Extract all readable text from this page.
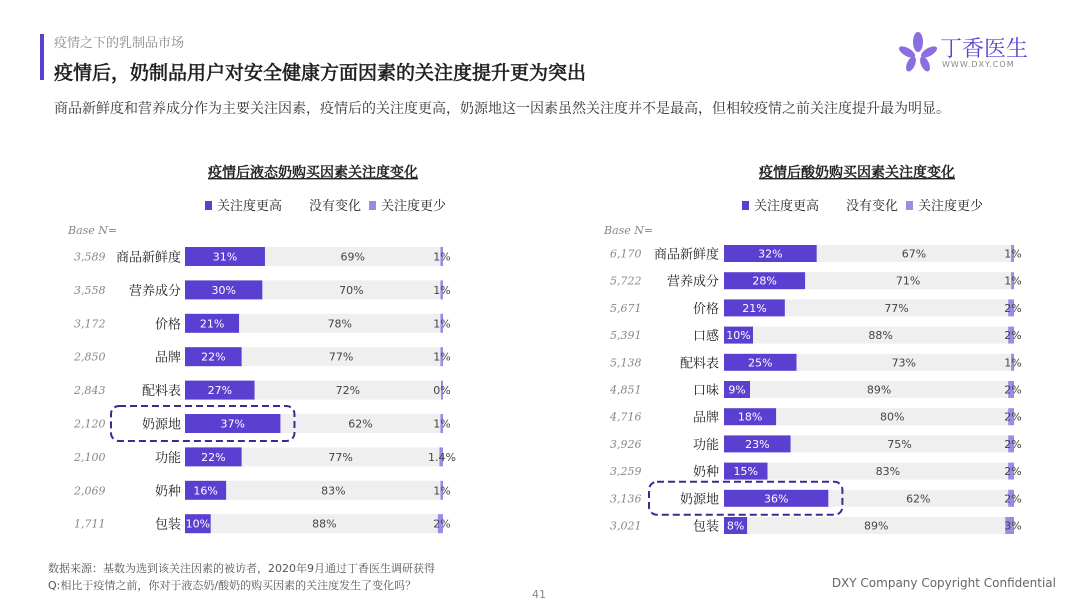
疫情之下的乳制品市场
疫情后，奶制品用户对安全健康方面因素的关注度提升更为突出
丁香医生
WWW.DXY.COM
商品新鲜度和营养成分作为主要关注因素，疫情后的关注度更高，奶源地这一因素虽然关注度并不是最高，但相较疫情之前关注度提升最为明显。
疫情后液态奶购买因素关注度变化
关注度更高 没有变化 关注度更少
Base N=
3,589 商品新鲜度	31%	69%	1%
3,558 营养成分	30%	70%	1%
3,172	价格 21%	78%	1%
2,850	品牌 22%	77%	1%
2,843	配料表 27%	72%	0%
2,120	奶源地	37%	62%	1%
2,100	功能 22%	77%	1.4%
2,069	奶种 16%	83%	1%
1,711	包装 10%	88%	2%
疫情后酸奶购买因素关注度变化
关注度更高 没有变化 关注度更少
Base N=
6,170 商品新鲜度	32%	67%	1%
5,722 营养成分	28%	71%	1%
5,671	价格 21%	77%	2%
5,391	口感 10%	88%	2%
5,138	配料表	25%	73%	1%
4,851	口味 9%	89%	2%
4,716	品牌 18%	80%	2%
3,926	功能 23%	75%	2%
3,259	奶种 15%	83%	2%
3,136	奶源地	36%	62%	2%
3,021	包装 8%	89%	3%
数据来源：基数为选到该关注因素的被访者，2020年9月通过丁香医生调研获得
Q:相比于疫情之前，你对于液态奶/酸奶的购买因素的关注度发生了变化吗？	DXY Company Copyright Confidential
41
